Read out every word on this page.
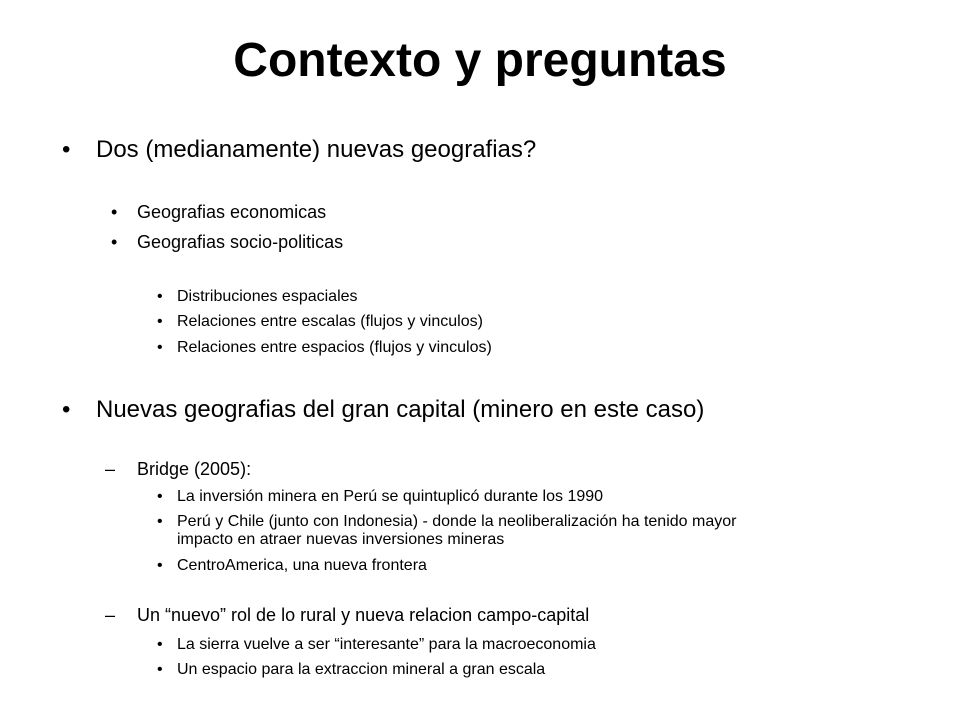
Contexto y preguntas
• Dos (medianamente) nuevas geografias?
• Geografias economicas
• Geografias socio-politicas
• Distribuciones espaciales
• Relaciones entre escalas (flujos y vinculos)
• Relaciones entre espacios (flujos y vinculos)
• Nuevas geografias del gran capital (minero en este caso)
– Bridge (2005):
• La inversión minera en Perú se quintuplicó durante los 1990
• Perú y Chile (junto con Indonesia) - donde la neoliberalización ha tenido mayor impacto en atraer nuevas inversiones mineras
• CentroAmerica, una nueva frontera
– Un “nuevo” rol de lo rural y nueva relacion campo-capital
• La sierra vuelve a ser “interesante” para la macroeconomia
• Un espacio para la extraccion mineral a gran escala
